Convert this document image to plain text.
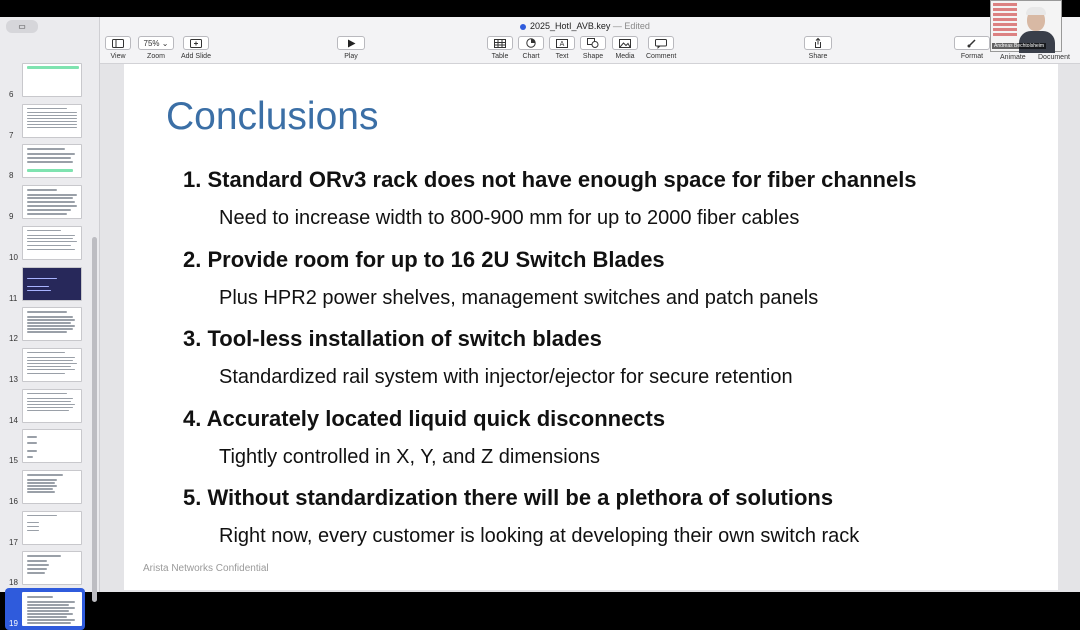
2025_HotI_AVB.key — Edited
View
75%
⌄
Zoom Add Slide	Play	Table Chart
A
Text Shape Media Comment	Share	Format Animate Document
▭
6
7
8
9
10
11
12
13
14
15
16
17
18
19
Conclusions
1. Standard ORv3 rack does not have enough space for fiber channels
Need to increase width to 800-900 mm for up to 2000 fiber cables
2. Provide room for up to 16 2U Switch Blades
Plus HPR2 power shelves, management switches and patch panels
3. Tool-less installation of switch blades
Standardized rail system with injector/ejector for secure retention
4. Accurately located liquid quick disconnects
Tightly controlled in X, Y, and Z dimensions
5. Without standardization there will be a plethora of solutions
Right now, every customer is looking at developing their own switch rack
Arista Networks Confidential
Andreas Bechtolsheim
